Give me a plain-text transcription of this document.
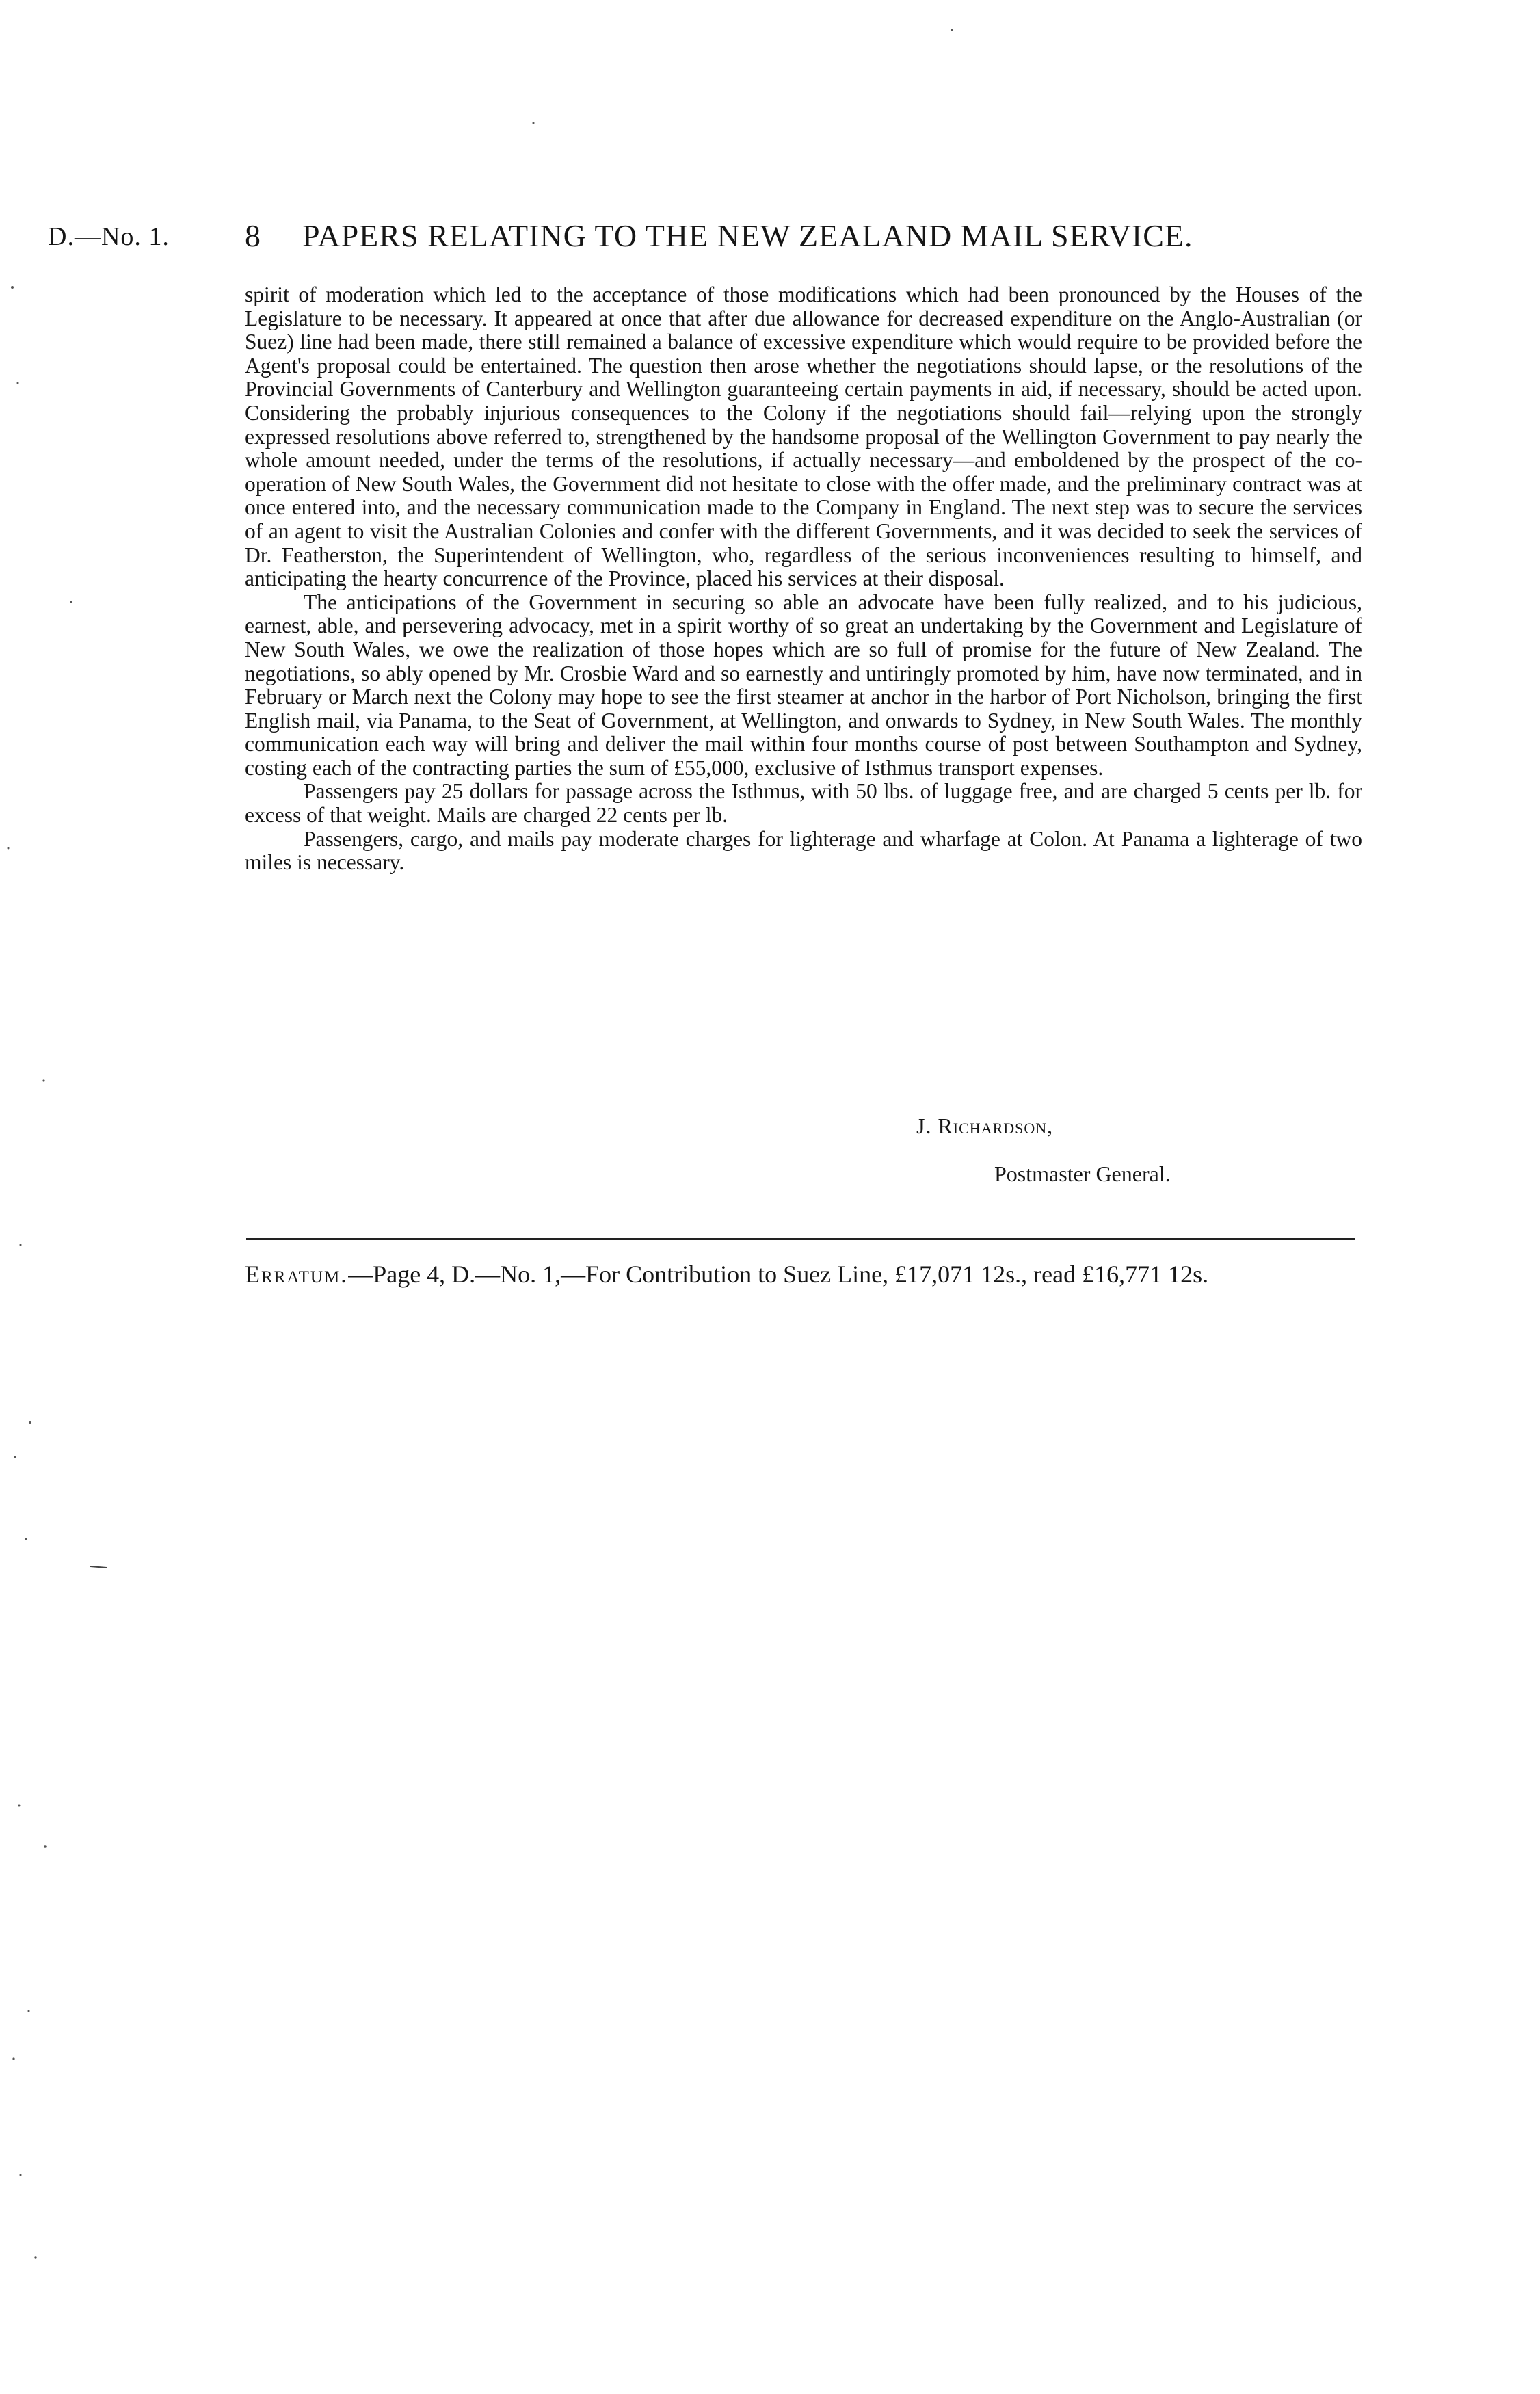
D.—No. 1. 8 PAPERS RELATING TO THE NEW ZEALAND MAIL SERVICE.

spirit of moderation which led to the acceptance of those modifications which had been pronounced by the Houses of the Legislature to be necessary. It appeared at once that after due allowance for decreased expenditure on the Anglo-Australian (or Suez) line had been made, there still remained a balance of excessive expenditure which would require to be provided before the Agent's proposal could be entertained. The question then arose whether the negotiations should lapse, or the resolutions of the Provincial Governments of Canterbury and Wellington guaranteeing certain payments in aid, if necessary, should be acted upon. Considering the probably injurious consequences to the Colony if the negotiations should fail—relying upon the strongly expressed resolutions above referred to, strengthened by the handsome proposal of the Wellington Government to pay nearly the whole amount needed, under the terms of the resolutions, if actually necessary—and emboldened by the prospect of the co-operation of New South Wales, the Government did not hesitate to close with the offer made, and the preliminary contract was at once entered into, and the necessary communication made to the Company in England. The next step was to secure the services of an agent to visit the Australian Colonies and confer with the different Governments, and it was decided to seek the services of Dr. Featherston, the Superintendent of Wellington, who, regardless of the serious inconveniences resulting to himself, and anticipating the hearty concurrence of the Province, placed his services at their disposal.

The anticipations of the Government in securing so able an advocate have been fully realized, and to his judicious, earnest, able, and persevering advocacy, met in a spirit worthy of so great an undertaking by the Government and Legislature of New South Wales, we owe the realization of those hopes which are so full of promise for the future of New Zealand. The negotiations, so ably opened by Mr. Crosbie Ward and so earnestly and untiringly promoted by him, have now terminated, and in February or March next the Colony may hope to see the first steamer at anchor in the harbor of Port Nicholson, bringing the first English mail, via Panama, to the Seat of Government, at Wellington, and onwards to Sydney, in New South Wales. The monthly communication each way will bring and deliver the mail within four months course of post between Southampton and Sydney, costing each of the contracting parties the sum of £55,000, exclusive of Isthmus transport expenses.

Passengers pay 25 dollars for passage across the Isthmus, with 50 lbs. of luggage free, and are charged 5 cents per lb. for excess of that weight. Mails are charged 22 cents per lb.

Passengers, cargo, and mails pay moderate charges for lighterage and wharfage at Colon. At Panama a lighterage of two miles is necessary.

J. Richardson,
Postmaster General.
Erratum.—Page 4, D.—No. 1,—For Contribution to Suez Line, £17,071 12s., read £16,771 12s.
